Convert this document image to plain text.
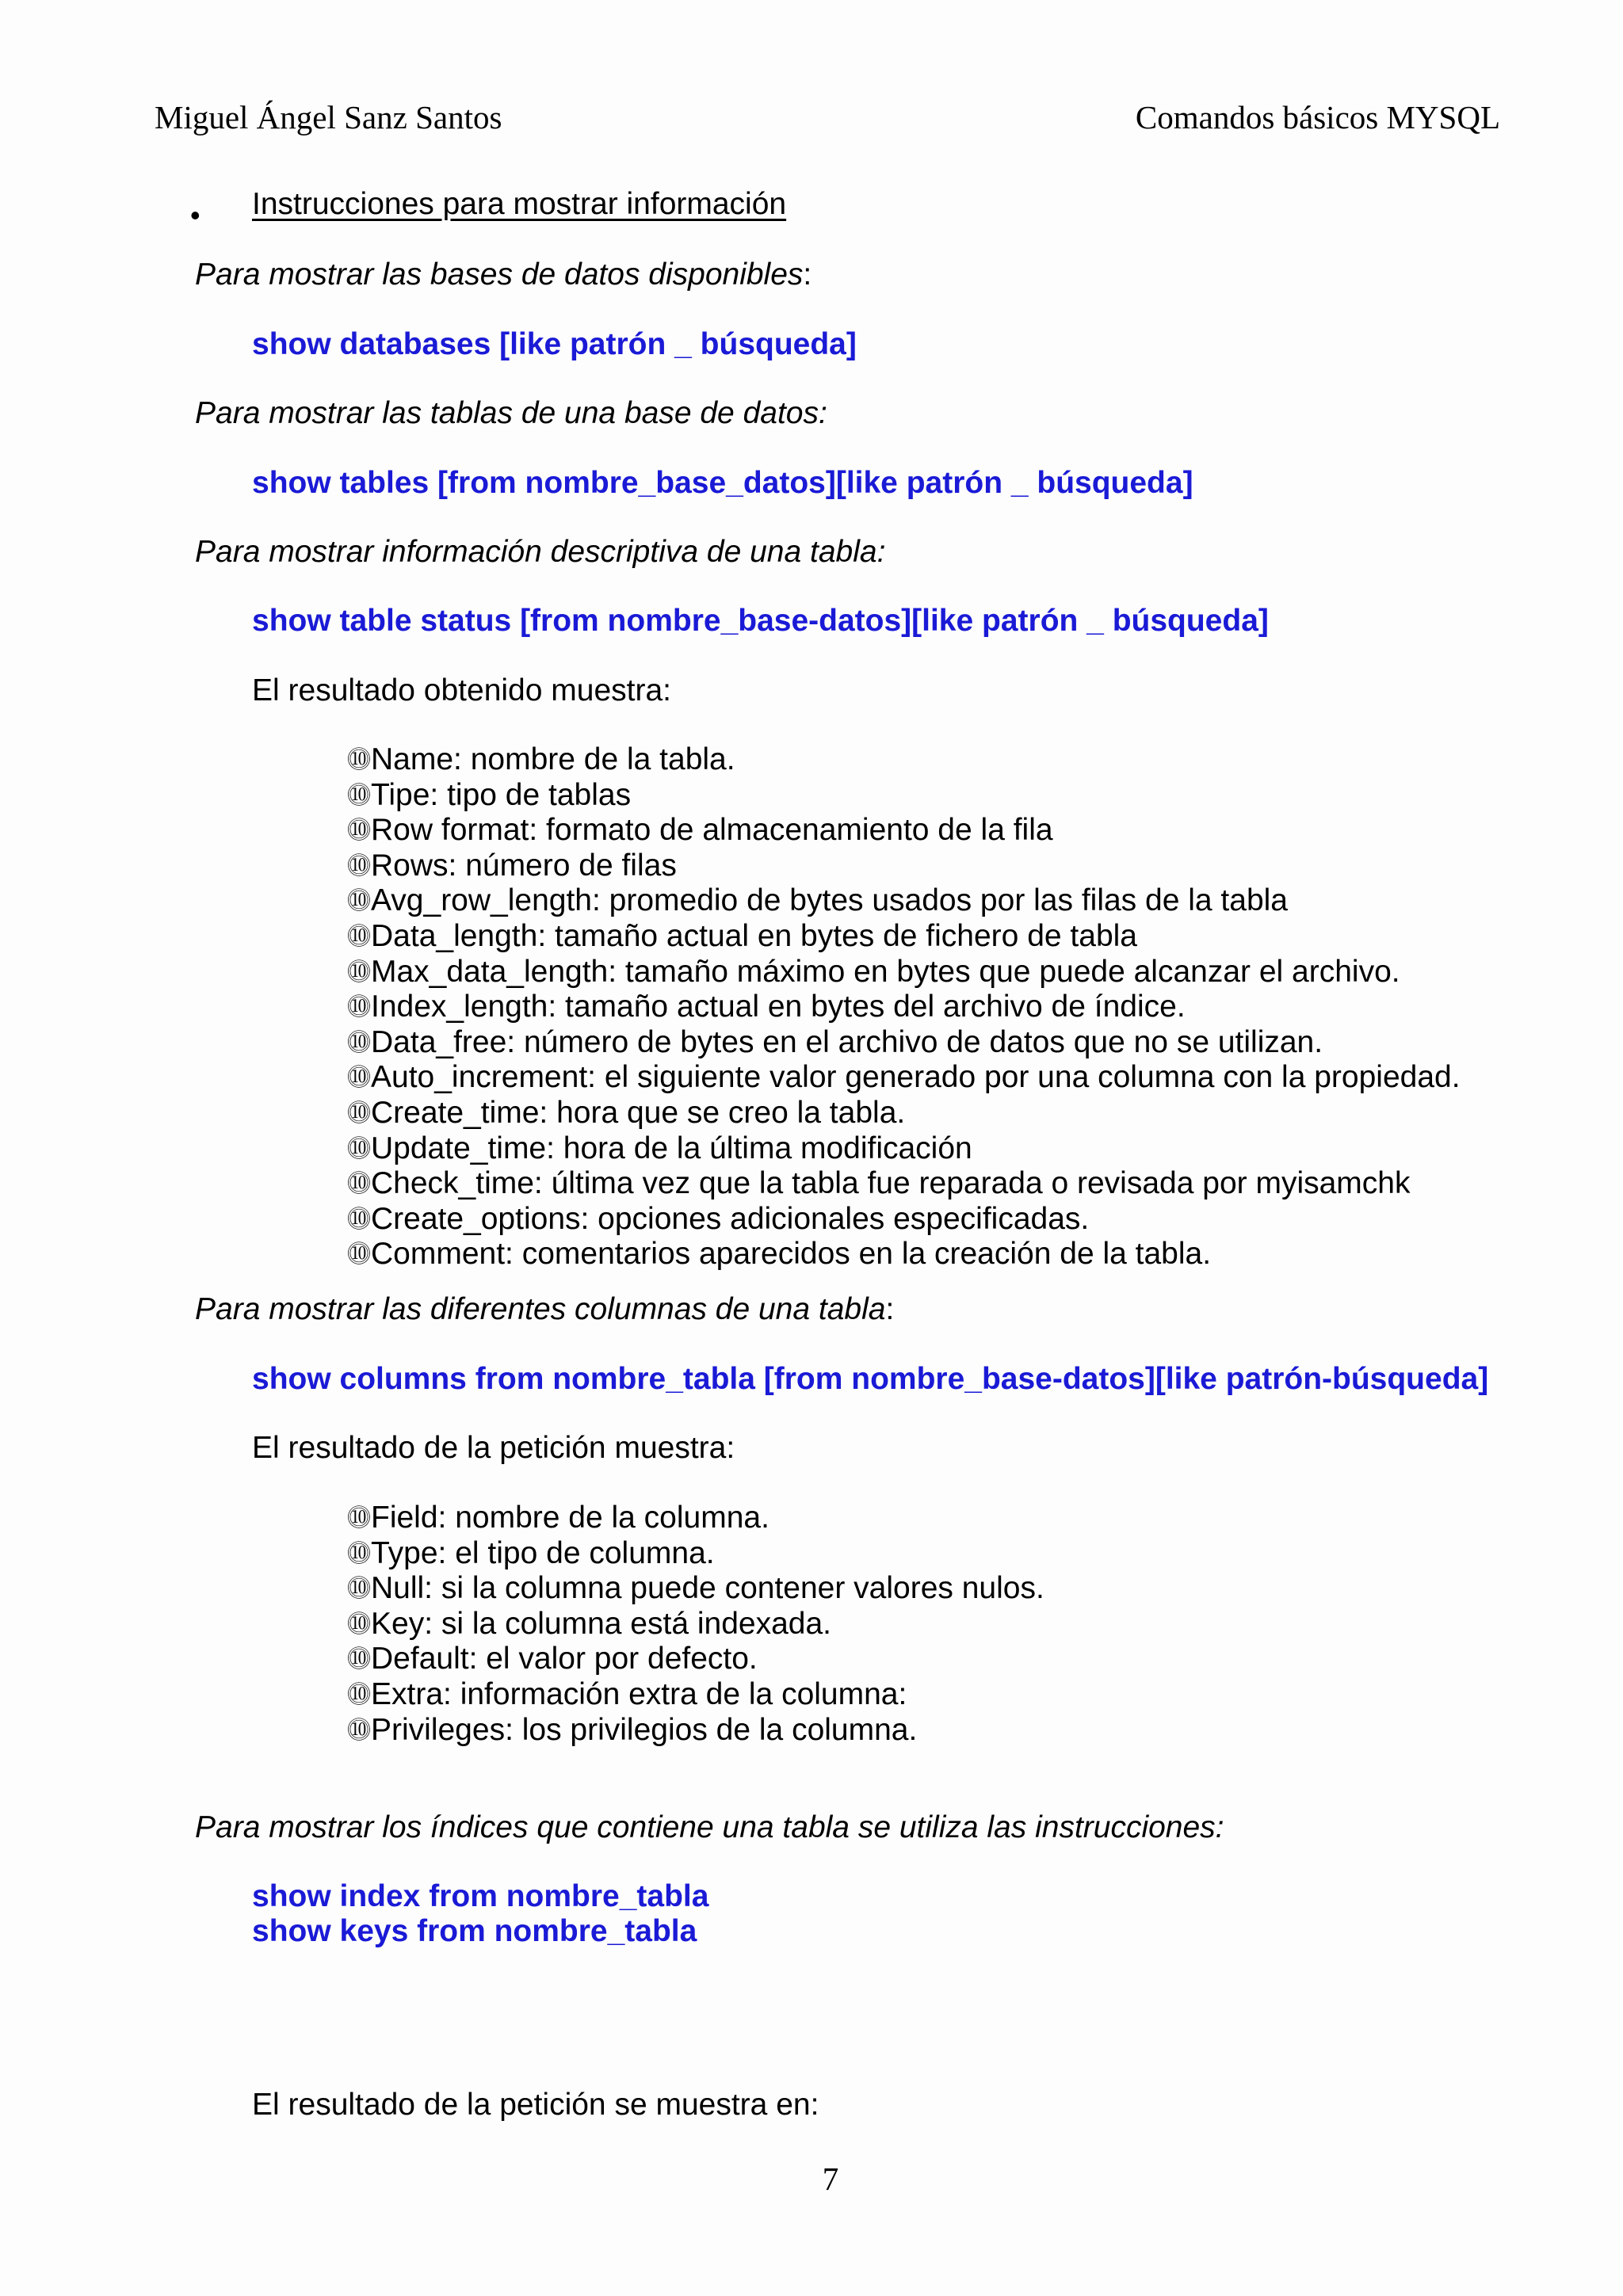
Miguel Ángel Sanz Santos	Comandos básicos MYSQL
• Instrucciones para mostrar información
Para mostrar las bases de datos disponibles:
show databases [like patrón _ búsqueda]
Para mostrar las tablas de una base de datos:
show tables [from nombre_base_datos][like patrón _ búsqueda]
Para mostrar información descriptiva de una tabla:
show table status [from nombre_base-datos][like patrón _ búsqueda]
El resultado obtenido muestra:
⓾Name: nombre de la tabla.
⓾Tipe: tipo de tablas
⓾Row format: formato de almacenamiento de la fila
⓾Rows: número de filas
⓾Avg_row_length: promedio de bytes usados por las filas de la tabla
⓾Data_length: tamaño actual en bytes de fichero de tabla
⓾Max_data_length: tamaño máximo en bytes que puede alcanzar el archivo.
⓾Index_length: tamaño actual en bytes del archivo de índice.
⓾Data_free: número de bytes en el archivo de datos que no se utilizan.
⓾Auto_increment: el siguiente valor generado por una columna con la propiedad.
⓾Create_time: hora que se creo la tabla.
⓾Update_time: hora de la última modificación
⓾Check_time: última vez que la tabla fue reparada o revisada por myisamchk
⓾Create_options: opciones adicionales especificadas.
⓾Comment: comentarios aparecidos en la creación de la tabla.
Para mostrar las diferentes columnas de una tabla:
show columns from nombre_tabla [from nombre_base-datos][like patrón-búsqueda]
El resultado de la petición muestra:
⓾Field: nombre de la columna.
⓾Type: el tipo de columna.
⓾Null: si la columna puede contener valores nulos.
⓾Key: si la columna está indexada.
⓾Default: el valor por defecto.
⓾Extra: información extra de la columna:
⓾Privileges: los privilegios de la columna.
Para mostrar los índices que contiene una tabla se utiliza las instrucciones:
show index from nombre_tabla
show keys from nombre_tabla
El resultado de la petición se muestra en:
7
